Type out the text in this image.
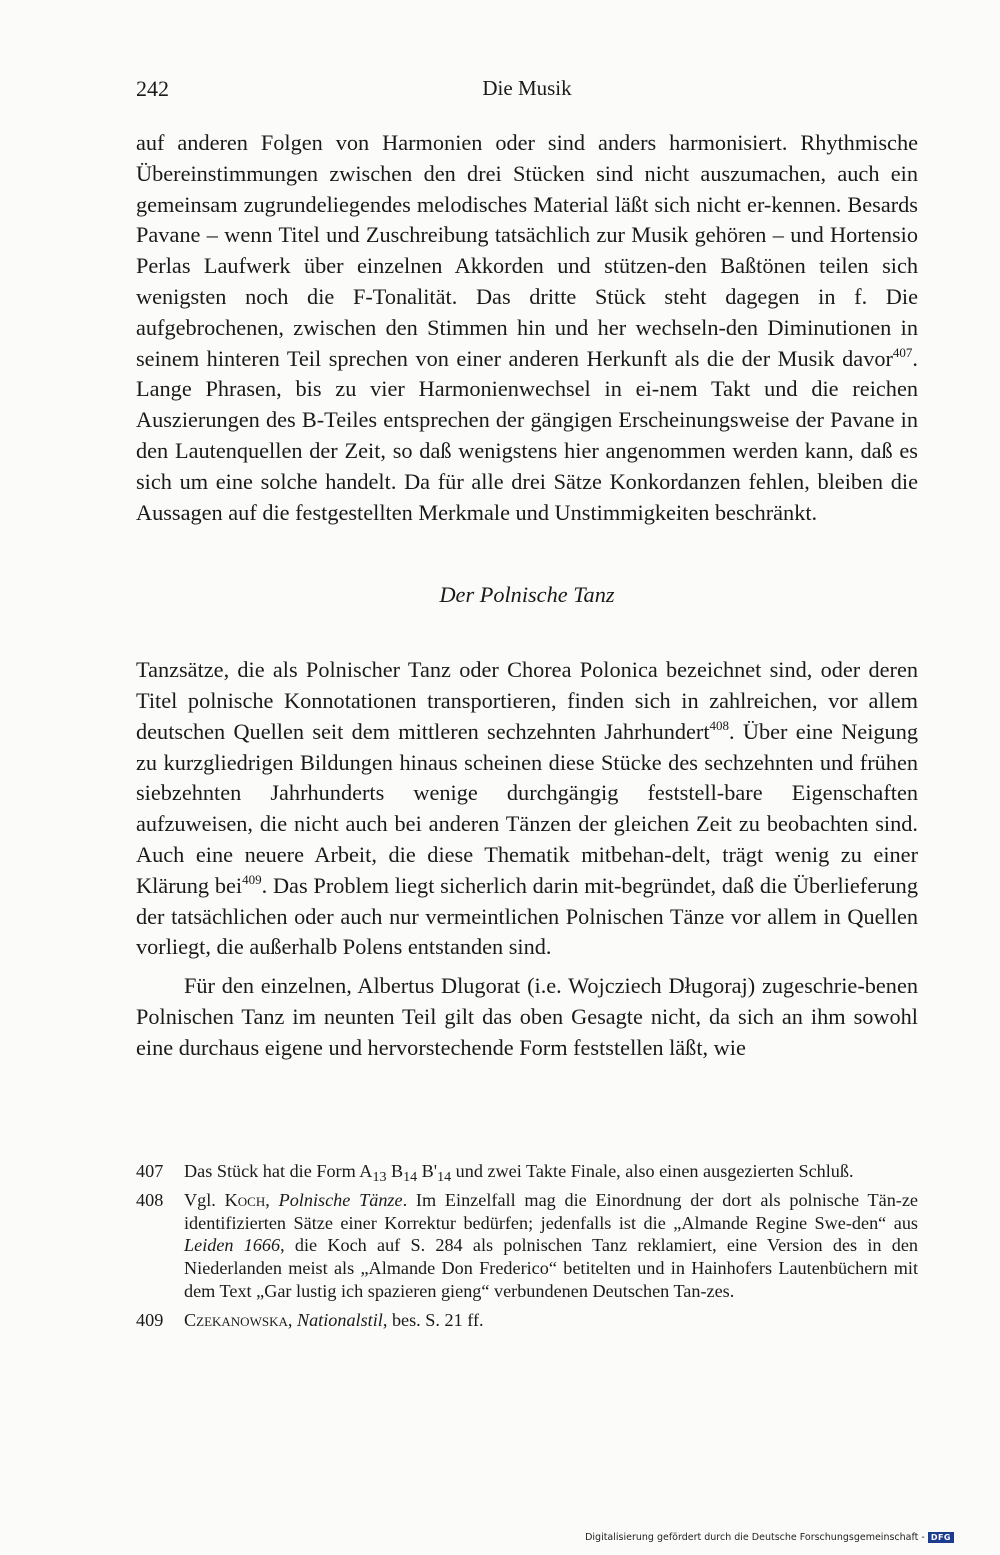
242	Die Musik

auf anderen Folgen von Harmonien oder sind anders harmonisiert. Rhythmische Übereinstimmungen zwischen den drei Stücken sind nicht auszumachen, auch ein gemeinsam zugrundeliegendes melodisches Material läßt sich nicht er-kennen. Besards Pavane – wenn Titel und Zuschreibung tatsächlich zur Musik gehören – und Hortensio Perlas Laufwerk über einzelnen Akkorden und stützen-den Baßtönen teilen sich wenigsten noch die F-Tonalität. Das dritte Stück steht dagegen in f. Die aufgebrochenen, zwischen den Stimmen hin und her wechseln-den Diminutionen in seinem hinteren Teil sprechen von einer anderen Herkunft als die der Musik davor$^{407}$. Lange Phrasen, bis zu vier Harmonienwechsel in ei-nem Takt und die reichen Auszierungen des B-Teiles entsprechen der gängigen Erscheinungsweise der Pavane in den Lautenquellen der Zeit, so daß wenigstens hier angenommen werden kann, daß es sich um eine solche handelt. Da für alle drei Sätze Konkordanzen fehlen, bleiben die Aussagen auf die festgestellten Merkmale und Unstimmigkeiten beschränkt.

Der Polnische Tanz

Tanzsätze, die als Polnischer Tanz oder Chorea Polonica bezeichnet sind, oder deren Titel polnische Konnotationen transportieren, finden sich in zahlreichen, vor allem deutschen Quellen seit dem mittleren sechzehnten Jahrhundert$^{408}$. Über eine Neigung zu kurzgliedrigen Bildungen hinaus scheinen diese Stücke des sechzehnten und frühen siebzehnten Jahrhunderts wenige durchgängig feststell-bare Eigenschaften aufzuweisen, die nicht auch bei anderen Tänzen der gleichen Zeit zu beobachten sind. Auch eine neuere Arbeit, die diese Thematik mitbehan-delt, trägt wenig zu einer Klärung bei$^{409}$. Das Problem liegt sicherlich darin mit-begründet, daß die Überlieferung der tatsächlichen oder auch nur vermeintlichen Polnischen Tänze vor allem in Quellen vorliegt, die außerhalb Polens entstanden sind.

Für den einzelnen, Albertus Dlugorat (i.e. Wojcziech Długoraj) zugeschrie-benen Polnischen Tanz im neunten Teil gilt das oben Gesagte nicht, da sich an ihm sowohl eine durchaus eigene und hervorstechende Form feststellen läßt, wie

407	Das Stück hat die Form $A_{13}$ $B_{14}$ $B'_{14}$ und zwei Takte Finale, also einen ausgezierten Schluß.
408	Vgl. Koch, Polnische Tänze. Im Einzelfall mag die Einordnung der dort als polnische Tän-ze identifizierten Sätze einer Korrektur bedürfen; jedenfalls ist die „Almande Regine Swe-den“ aus Leiden 1666, die Koch auf S. 284 als polnischen Tanz reklamiert, eine Version des in den Niederlanden meist als „Almande Don Frederico“ betitelten und in Hainhofers Lautenbüchern mit dem Text „Gar lustig ich spazieren gieng“ verbundenen Deutschen Tan-zes.
409	Czekanowska, Nationalstil, bes. S. 21 ff.
Digitalisierung gefördert durch die Deutsche Forschungsgemeinschaft - DFG
